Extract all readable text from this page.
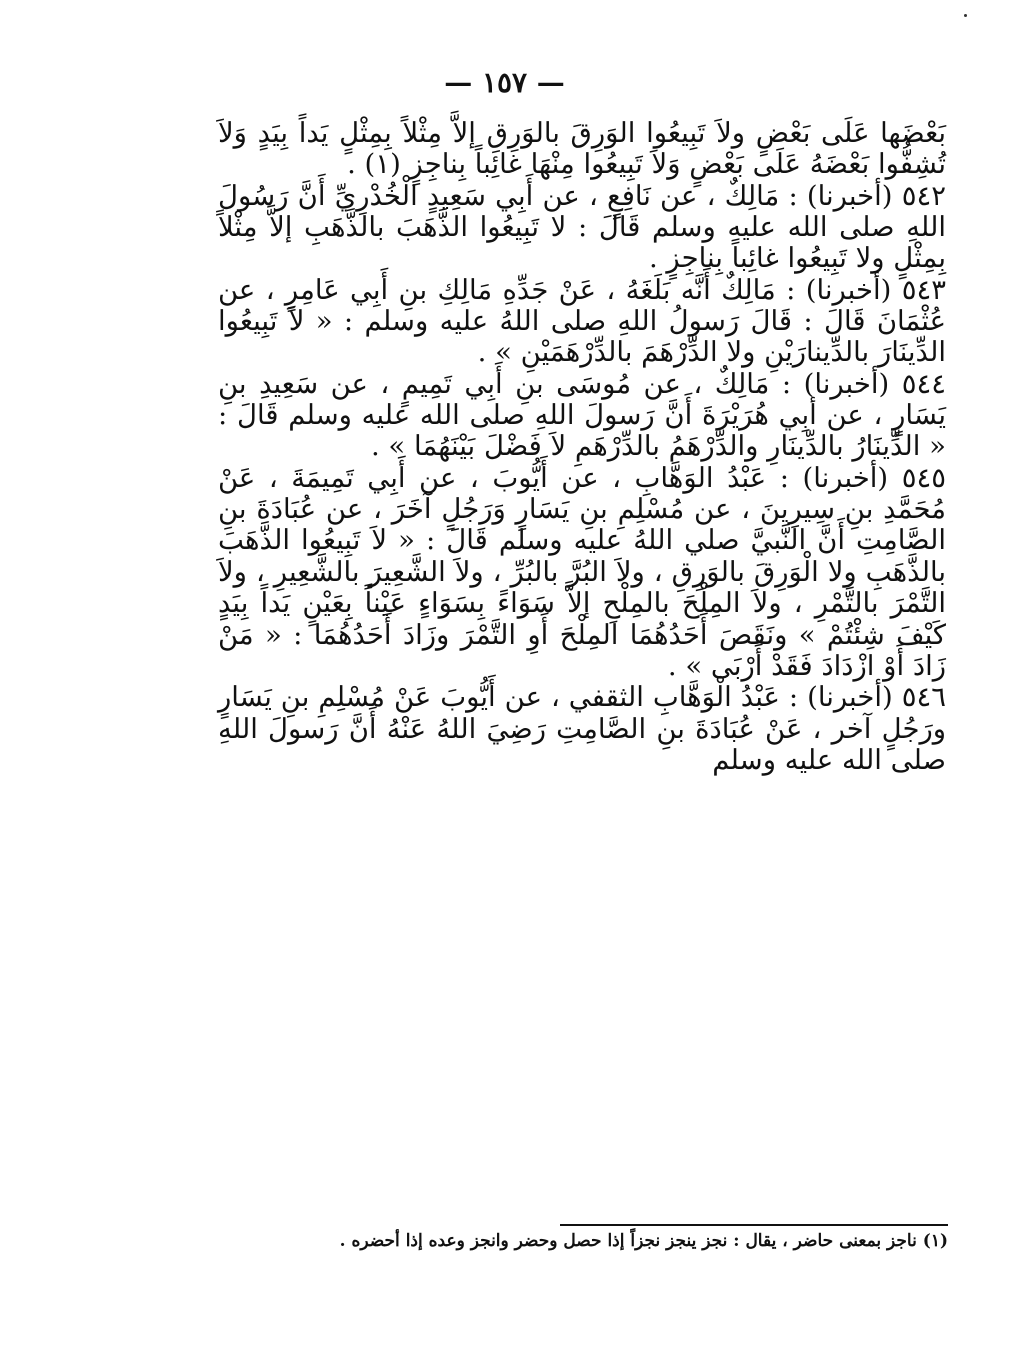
— ١٥٧ —

بَعْضَها عَلَى بَعْضٍ ولاَ تَبِيعُوا الوَرِقَ بالوَرِقِ إلاَّ مِثْلاً بِمِثْلٍ يَداً بِيَدٍ وَلاَ تُشِفُّوا بَعْضَهُ عَلَى بَعْضٍ وَلاَ تَبِيعُوا مِنْهَا غائِباً بِناجِزٍ (١) .

٥٤٢ (أخبرنا) : مَالِكٌ ، عن نَافِعٍ ، عن أَبِي سَعِيدٍ الْخُدْرِيِّ أَنَّ رَسُولَ اللهِ صلى الله عليه وسلم قَالَ : لا تَبِيعُوا الذَّهَبَ بالذَّهَبِ إلاَّ مِثْلاً بِمِثْلٍ ولا تَبِيعُوا غائِباً بِناجِزٍ .

٥٤٣ (أخبرنا) : مَالِكٌ أَنَّه بَلَغَهُ ، عَنْ جَدِّهِ مَالِكِ بنِ أَبِي عَامِرٍ ، عن عُثْمَانَ قَالَ : قَالَ رَسولُ اللهِ صلى اللهُ عليه وسلم : « لاَ تَبِيعُوا الدِّينَارَ بالدِّينارَيْنِ ولا الدِّرْهَمَ بالدِّرْهَمَيْنِ » .

٥٤٤ (أخبرنا) : مَالِكٌ ، عن مُوسَى بنِ أَبِي تَمِيمٍ ، عن سَعِيدِ بنِ يَسَارٍ ، عن أبِي هُرَيْرَةَ أَنَّ رَسولَ اللهِ صلى الله عليه وسلم قَالَ : « الدِّينَارُ بالدِّينَارِ والدِّرْهَمُ بالدِّرْهَمِ لاَ فَضْلَ بَيْنَهُمَا » .

٥٤٥ (أخبرنا) : عَبْدُ الوَهَّابِ ، عن أَيُّوبَ ، عن أَبِي تَمِيمَةَ ، عَنْ مُحَمَّدِ بنِ سِيرِينَ ، عن مُسْلِمِ بنِ يَسَارٍ وَرَجُلٍ آخَرَ ، عن عُبَادَةَ بنِ الصَّامِتِ أَنَّ النَّبيَّ صلي اللهُ عليه وسلم قَالَ : « لاَ تَبِيعُوا الذَّهَبَ بالذَّهَبِ ولا الْوَرِقَ بالوَرِقِ ، ولاَ البُرَّ بالبُرِّ ، ولاَ الشَّعِيرَ بالشَّعِيرِ ، ولاَ التَّمْرَ بالتَّمْرِ ، ولاَ المِلْحَ بالمِلْحِ إلاَّ سَوَاءً بِسَوَاءٍ عَيْناً بِعَيْنٍ يَداً بِيَدٍ كَيْفَ شِئْتُمْ » ونَقَصَ أَحَدُهُمَا المِلْحَ أَوِ التَّمْرَ وزَادَ أَحَدُهُمَا : « مَنْ زَادَ أَوْ ازْدَادَ فَقَدْ أَرْبَى » .

٥٤٦ (أخبرنا) : عَبْدُ الْوَهَّابِ الثقفي ، عن أَيُّوبَ عَنْ مُسْلِمِ بنِ يَسَارٍ ورَجُلٍ آخر ، عَنْ عُبَادَةَ بنِ الصَّامِتِ رَضِيَ اللهُ عَنْهُ أَنَّ رَسولَ اللهِ صلى الله عليه وسلم

(١) ناجز بمعنى حاضر ، يقال : نجز ينجز نجزاً إذا حصل وحضر وانجز وعده إذا أحضره .
